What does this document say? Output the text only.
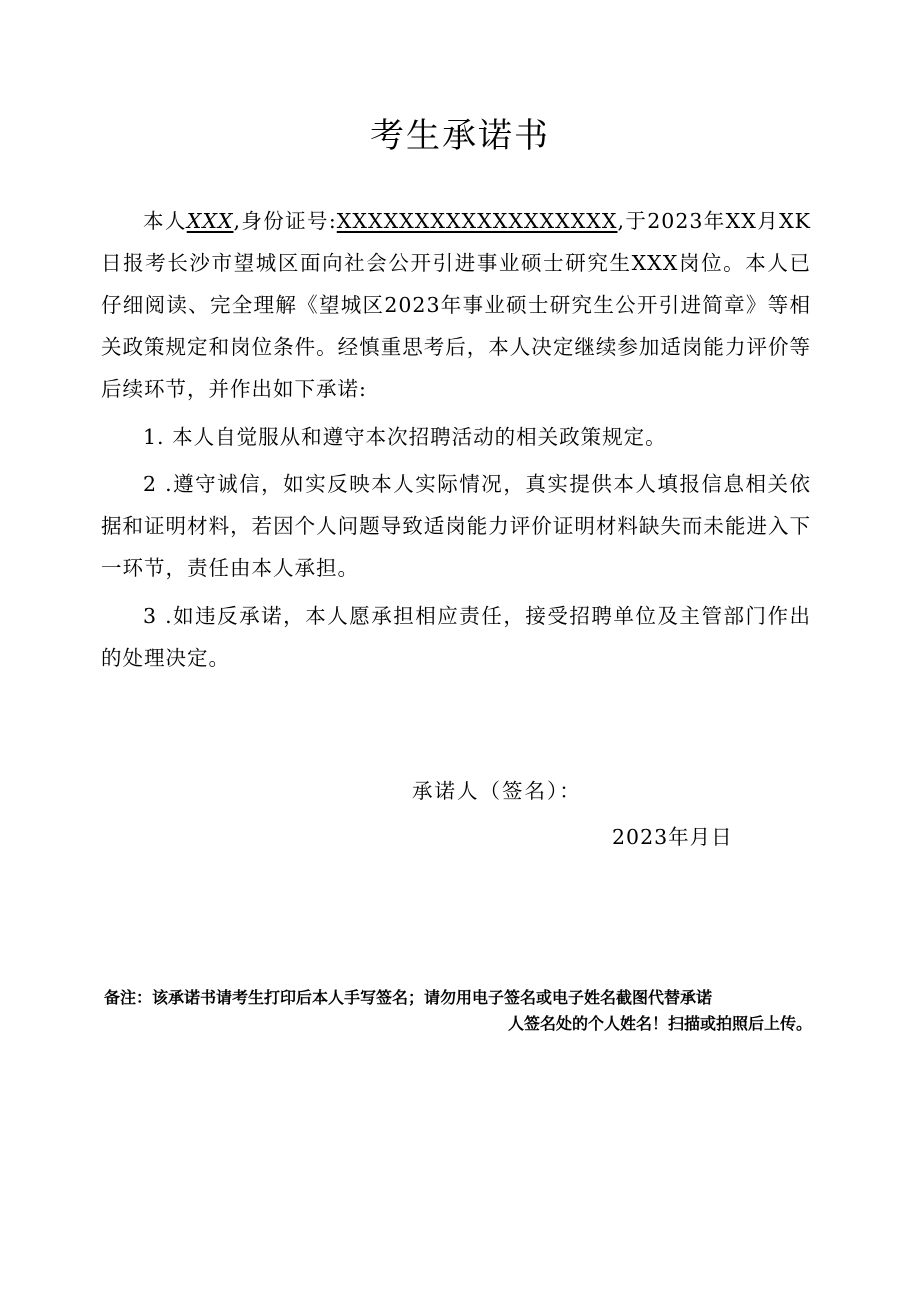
考生承诺书

本人XXX,身份证号:XXXXXXXXXXXXXXXXXX,于2023年XX月XK日报考长沙市望城区面向社会公开引进事业硕士研究生XXX岗位。本人已仔细阅读、完全理解《望城区2023年事业硕士研究生公开引进简章》等相关政策规定和岗位条件。经慎重思考后，本人决定继续参加适岗能力评价等后续环节，并作出如下承诺:

1. 本人自觉服从和遵守本次招聘活动的相关政策规定。

2 .遵守诚信，如实反映本人实际情况，真实提供本人填报信息相关依据和证明材料，若因个人问题导致适岗能力评价证明材料缺失而未能进入下一环节，责任由本人承担。

3 .如违反承诺，本人愿承担相应责任，接受招聘单位及主管部门作出的处理决定。

承诺人（签名）：
2023年月日
备注：该承诺书请考生打印后本人手写签名；请勿用电子签名或电子姓名截图代替承诺
人签名处的个人姓名！扫描或拍照后上传。
